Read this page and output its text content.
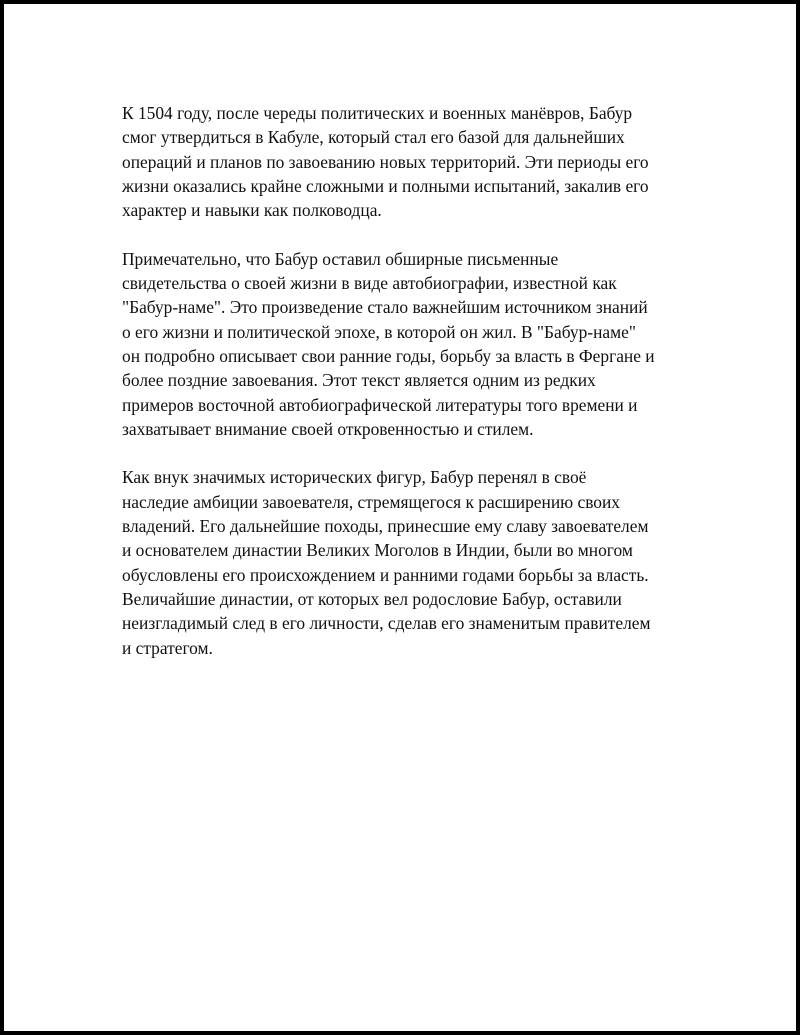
К 1504 году, после череды политических и военных манёвров, Бабур
смог утвердиться в Кабуле, который стал его базой для дальнейших
операций и планов по завоеванию новых территорий. Эти периоды его
жизни оказались крайне сложными и полными испытаний, закалив его
характер и навыки как полководца.

Примечательно, что Бабур оставил обширные письменные
свидетельства о своей жизни в виде автобиографии, известной как
"Бабур-наме". Это произведение стало важнейшим источником знаний
о его жизни и политической эпохе, в которой он жил. В "Бабур-наме"
он подробно описывает свои ранние годы, борьбу за власть в Фергане и
более поздние завоевания. Этот текст является одним из редких
примеров восточной автобиографической литературы того времени и
захватывает внимание своей откровенностью и стилем.

Как внук значимых исторических фигур, Бабур перенял в своё
наследие амбиции завоевателя, стремящегося к расширению своих
владений. Его дальнейшие походы, принесшие ему славу завоевателем
и основателем династии Великих Моголов в Индии, были во многом
обусловлены его происхождением и ранними годами борьбы за власть.
Величайшие династии, от которых вел родословие Бабур, оставили
неизгладимый след в его личности, сделав его знаменитым правителем
и стратегом.
